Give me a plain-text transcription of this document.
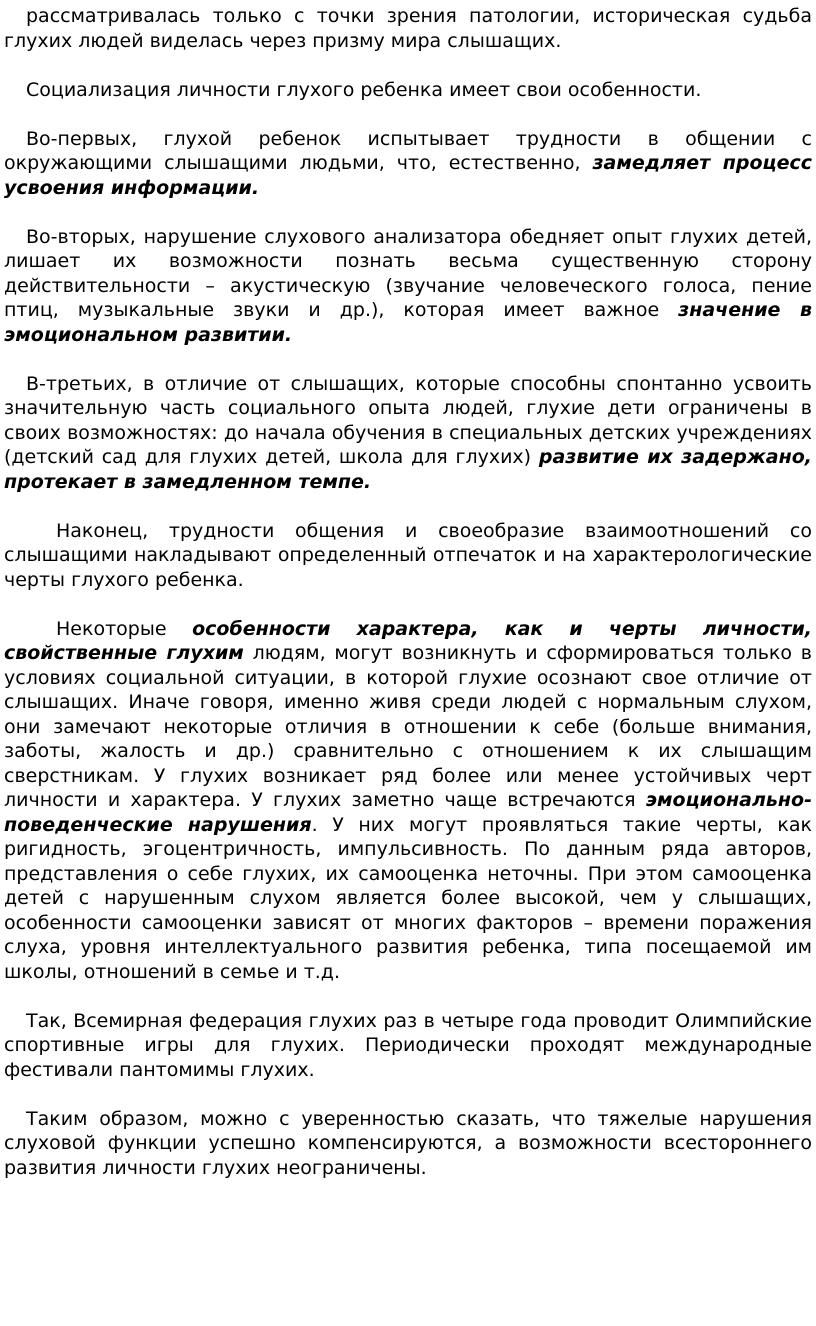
рассматривалась только с точки зрения патологии, историческая судьба глухих людей виделась через призму мира слышащих.

Социализация личности глухого ребенка имеет свои особенности.

Во-первых, глухой ребенок испытывает трудности в общении с окружающими слышащими людьми, что, естественно, замедляет процесс усвоения информации.

Во-вторых, нарушение слухового анализатора обедняет опыт глухих детей, лишает их возможности познать весьма существенную сторону действительности – акустическую (звучание человеческого голоса, пение птиц, музыкальные звуки и др.), которая имеет важное значение в эмоциональном развитии.

В-третьих, в отличие от слышащих, которые способны спонтанно усвоить значительную часть социального опыта людей, глухие дети ограничены в своих возможностях: до начала обучения в специальных детских учреждениях (детский сад для глухих детей, школа для глухих) развитие их задержано, протекает в замедленном темпе.

Наконец, трудности общения и своеобразие взаимоотношений со слышащими накладывают определенный отпечаток и на характерологические черты глухого ребенка.

Некоторые особенности характера, как и черты личности, свойственные глухим людям, могут возникнуть и сформироваться только в условиях социальной ситуации, в которой глухие осознают свое отличие от слышащих. Иначе говоря, именно живя среди людей с нормальным слухом, они замечают некоторые отличия в отношении к себе (больше внимания, заботы, жалость и др.) сравнительно с отношением к их слышащим сверстникам. У глухих возникает ряд более или менее устойчивых черт личности и характера. У глухих заметно чаще встречаются эмоционально-поведенческие нарушения. У них могут проявляться такие черты, как ригидность, эгоцентричность, импульсивность. По данным ряда авторов, представления о себе глухих, их самооценка неточны. При этом самооценка детей с нарушенным слухом является более высокой, чем у слышащих, особенности самооценки зависят от многих факторов – времени поражения слуха, уровня интеллектуального развития ребенка, типа посещаемой им школы, отношений в семье и т.д.

Так, Всемирная федерация глухих раз в четыре года проводит Олимпийские спортивные игры для глухих. Периодически проходят международные фестивали пантомимы глухих.

Таким образом, можно с уверенностью сказать, что тяжелые нарушения слуховой функции успешно компенсируются, а возможности всестороннего развития личности глухих неограничены.
